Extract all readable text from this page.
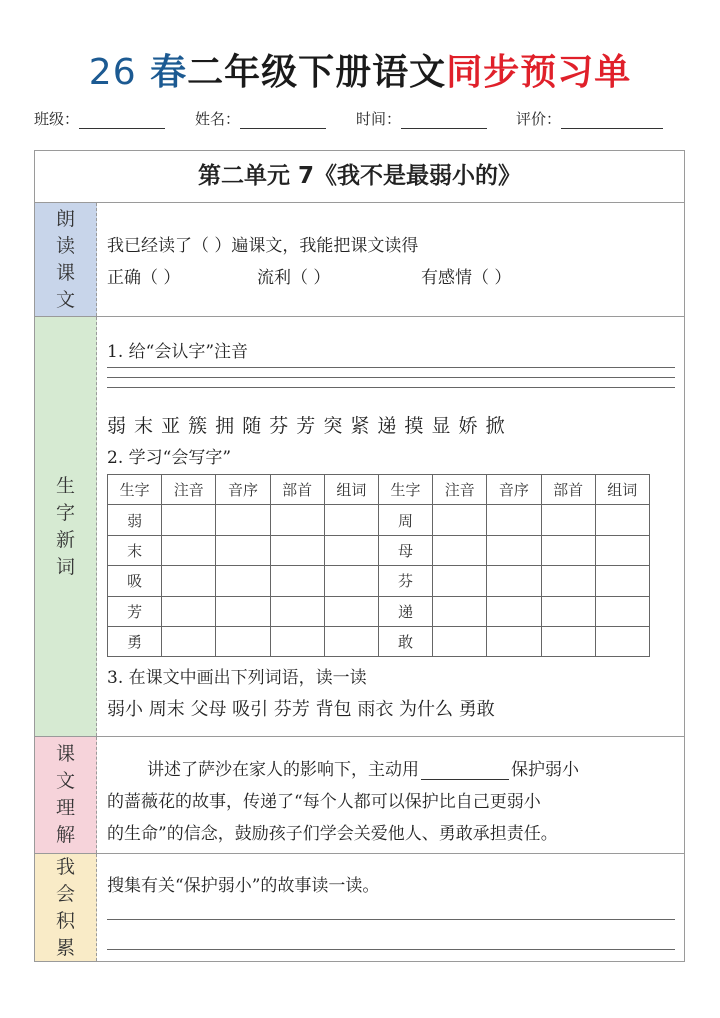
26 春二年级下册语文同步预习单
班级：	姓名：	时间：	评价：
第二单元 7《我不是最弱小的》
朗
读
课
文
我已经读了（ ）遍课文，我能把课文读得
正确（ ）	流利（ ）	有感情（ ）
生
字
新
词
1. 给“会认字”注音
弱 末 亚 簇 拥 随 芬 芳 突 紧 递 摸 显 娇 掀
2. 学习“会写字”
生字	注音	音序	部首	组词	生字	注音	音序	部首	组词
弱					周				
末					母				
吸					芬				
芳					递				
勇					敢				
3. 在课文中画出下列词语，读一读
弱小 周末 父母 吸引 芬芳 背包 雨衣 为什么 勇敢
课
文
理
解
讲述了萨沙在家人的影响下，主动用	保护弱小
的蔷薇花的故事，传递了“每个人都可以保护比自己更弱小
的生命”的信念，鼓励孩子们学会关爱他人、勇敢承担责任。
我
会
积
累
搜集有关“保护弱小”的故事读一读。
